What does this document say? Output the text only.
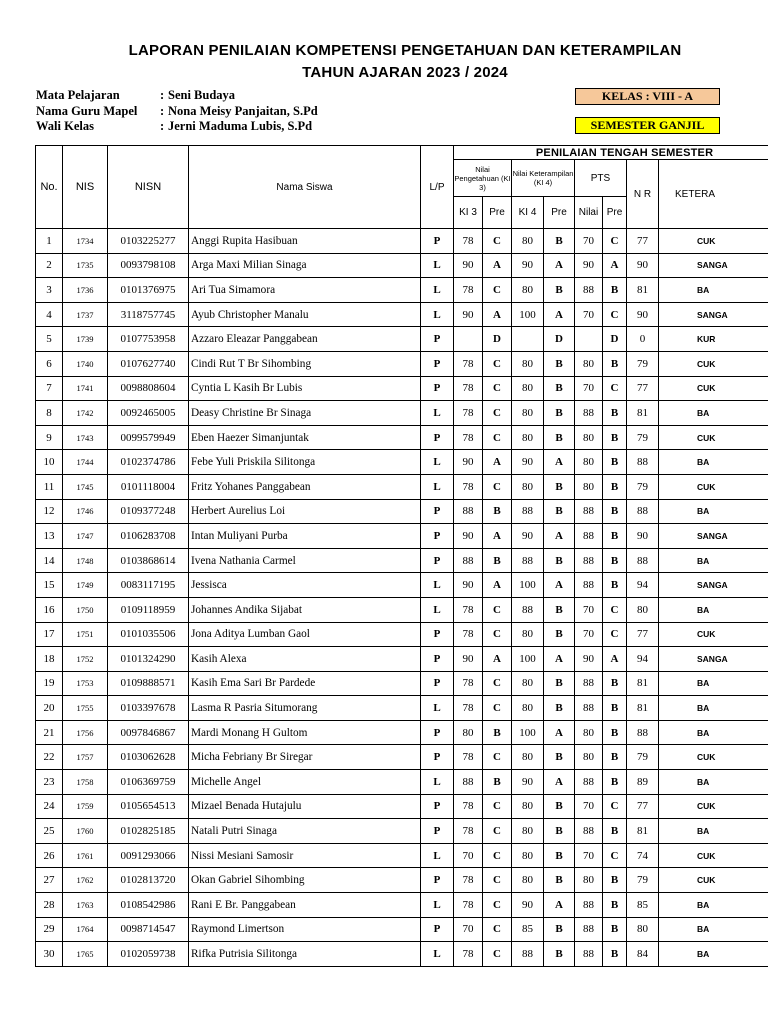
LAPORAN PENILAIAN KOMPETENSI PENGETAHUAN DAN KETERAMPILAN
TAHUN AJARAN 2023 / 2024
Mata Pelajaran	: Seni Budaya
Nama Guru Mapel	: Nona Meisy Panjaitan, S.Pd
Wali Kelas	: Jerni Maduma Lubis, S.Pd
KELAS : VIII - A
SEMESTER GANJIL
No.	NIS	NISN	Nama Siswa	L/P	PENILAIAN TENGAH SEMESTER							
					Nilai Pengetahuan (KI 3)		Nilai Keterampilan (KI 4)		PTS		N R	KETERA
					KI 3	Pre	KI 4	Pre	Nilai	Pre		
1	1734	0103225277	Anggi Rupita Hasibuan	P	78	C	80	B	70	C	77	CUK
2	1735	0093798108	Arga Maxi Milian Sinaga	L	90	A	90	A	90	A	90	SANGA
3	1736	0101376975	Ari Tua Simamora	L	78	C	80	B	88	B	81	BA
4	1737	3118757745	Ayub Christopher Manalu	L	90	A	100	A	70	C	90	SANGA
5	1739	0107753958	Azzaro Eleazar Panggabean	P		D		D		D	0	KUR
6	1740	0107627740	Cindi Rut T Br Sihombing	P	78	C	80	B	80	B	79	CUK
7	1741	0098808604	Cyntia L Kasih Br Lubis	P	78	C	80	B	70	C	77	CUK
8	1742	0092465005	Deasy Christine Br Sinaga	L	78	C	80	B	88	B	81	BA
9	1743	0099579949	Eben Haezer Simanjuntak	P	78	C	80	B	80	B	79	CUK
10	1744	0102374786	Febe Yuli Priskila Silitonga	L	90	A	90	A	80	B	88	BA
11	1745	0101118004	Fritz Yohanes Panggabean	L	78	C	80	B	80	B	79	CUK
12	1746	0109377248	Herbert Aurelius Loi	P	88	B	88	B	88	B	88	BA
13	1747	0106283708	Intan Muliyani Purba	P	90	A	90	A	88	B	90	SANGA
14	1748	0103868614	Ivena Nathania Carmel	P	88	B	88	B	88	B	88	BA
15	1749	0083117195	Jessisca	L	90	A	100	A	88	B	94	SANGA
16	1750	0109118959	Johannes Andika Sijabat	L	78	C	88	B	70	C	80	BA
17	1751	0101035506	Jona Aditya Lumban Gaol	P	78	C	80	B	70	C	77	CUK
18	1752	0101324290	Kasih Alexa	P	90	A	100	A	90	A	94	SANGA
19	1753	0109888571	Kasih Ema Sari Br Pardede	P	78	C	80	B	88	B	81	BA
20	1755	0103397678	Lasma R Pasria Situmorang	L	78	C	80	B	88	B	81	BA
21	1756	0097846867	Mardi Monang H Gultom	P	80	B	100	A	80	B	88	BA
22	1757	0103062628	Micha Febriany Br Siregar	P	78	C	80	B	80	B	79	CUK
23	1758	0106369759	Michelle Angel	L	88	B	90	A	88	B	89	BA
24	1759	0105654513	Mizael Benada Hutajulu	P	78	C	80	B	70	C	77	CUK
25	1760	0102825185	Natali Putri Sinaga	P	78	C	80	B	88	B	81	BA
26	1761	0091293066	Nissi Mesiani Samosir	L	70	C	80	B	70	C	74	CUK
27	1762	0102813720	Okan Gabriel Sihombing	P	78	C	80	B	80	B	79	CUK
28	1763	0108542986	Rani E Br. Panggabean	L	78	C	90	A	88	B	85	BA
29	1764	0098714547	Raymond Limertson	P	70	C	85	B	88	B	80	BA
30	1765	0102059738	Rifka Putrisia Silitonga	L	78	C	88	B	88	B	84	BA
